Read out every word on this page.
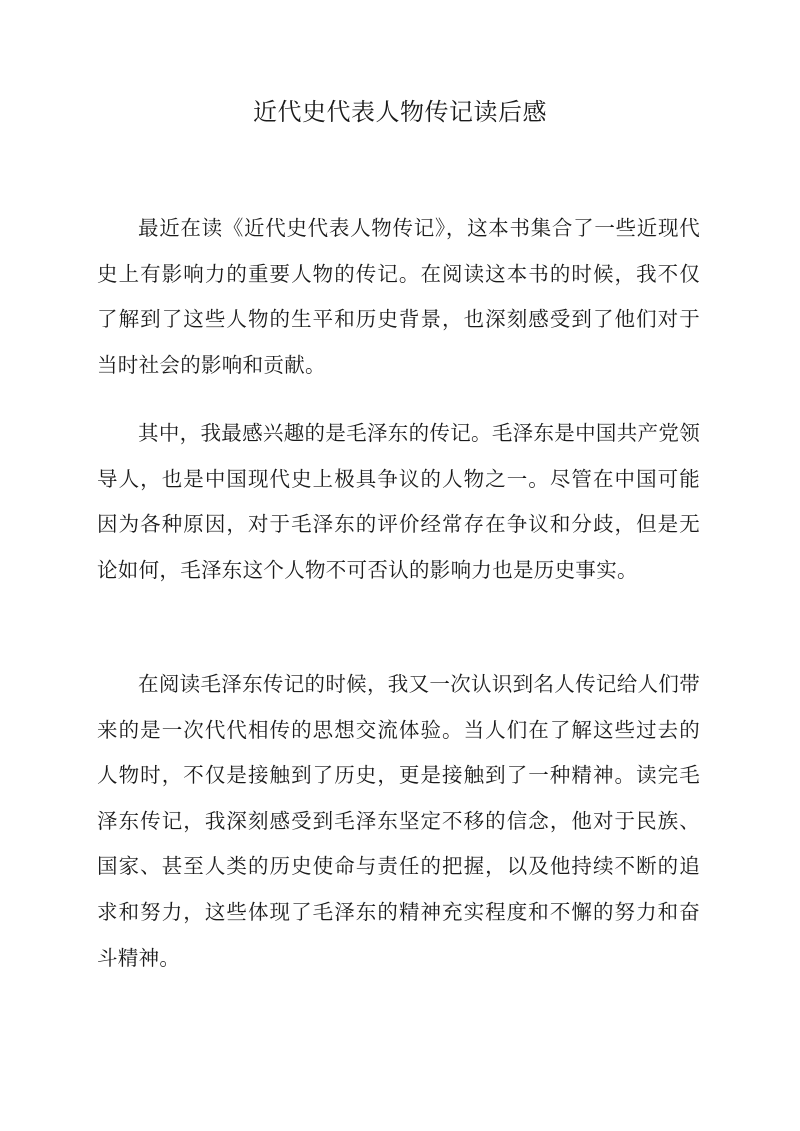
近代史代表人物传记读后感

最近在读《近代史代表人物传记》，这本书集合了一些近现代史上有影响力的重要人物的传记。在阅读这本书的时候，我不仅了解到了这些人物的生平和历史背景，也深刻感受到了他们对于当时社会的影响和贡献。

其中，我最感兴趣的是毛泽东的传记。毛泽东是中国共产党领导人，也是中国现代史上极具争议的人物之一。尽管在中国可能因为各种原因，对于毛泽东的评价经常存在争议和分歧，但是无论如何，毛泽东这个人物不可否认的影响力也是历史事实。

在阅读毛泽东传记的时候，我又一次认识到名人传记给人们带来的是一次代代相传的思想交流体验。当人们在了解这些过去的人物时，不仅是接触到了历史，更是接触到了一种精神。读完毛泽东传记，我深刻感受到毛泽东坚定不移的信念，他对于民族、国家、甚至人类的历史使命与责任的把握，以及他持续不断的追求和努力，这些体现了毛泽东的精神充实程度和不懈的努力和奋斗精神。
